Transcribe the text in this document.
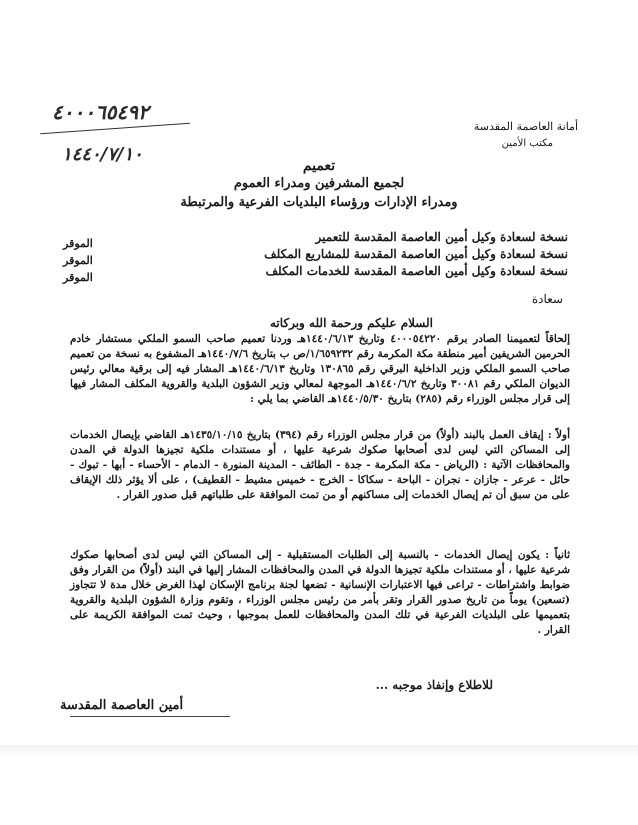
٤٠٠٠٦٥٤٩٢
١٤٤٠/٧/١٠
أمانة العاصمة المقدسة
مكتب الأمين
تعميم
لجميع المشرفين ومدراء العموم
ومدراء الإدارات ورؤساء البلديات الفرعية والمرتبطة
نسخة لسعادة وكيل أمين العاصمة المقدسة للتعمير
نسخة لسعادة وكيل أمين العاصمة المقدسة للمشاريع المكلف
نسخة لسعادة وكيل أمين العاصمة المقدسة للخدمات المكلف
الموقر
الموقر
الموقر
سعادة
السلام عليكم ورحمة الله وبركاته
إلحاقاً لتعميمنا الصادر برقم ٤٠٠٠٥٤٢٢٠ وتاريخ ١٤٤٠/٦/١٣هـ وردنا تعميم صاحب السمو الملكي مستشار خادم الحرمين الشريفين أمير منطقة مكة المكرمة رقم ١/٦٥٩٢٣٢/ص ب بتاريخ ١٤٤٠/٧/٦هـ المشفوع به نسخة من تعميم صاحب السمو الملكي وزير الداخلية البرقي رقم ١٣٠٨٦٥ وتاريخ ١٤٤٠/٦/١٣هـ المشار فيه إلى برقية معالي رئيس الديوان الملكي رقم ٣٠٠٨١ وتاريخ ١٤٤٠/٦/٢هـ الموجهة لمعالي وزير الشؤون البلدية والقروية المكلف المشار فيها إلى قرار مجلس الوزراء رقم (٢٨٥) بتاريخ ١٤٤٠/٥/٣٠هـ القاضي بما يلي :
أولاً : إيقاف العمل بالبند (أولاً) من قرار مجلس الوزراء رقم (٣٩٤) بتاريخ ١٤٣٥/١٠/١٥هـ القاضي بإيصال الخدمات إلى المساكن التي ليس لدى أصحابها صكوك شرعية عليها ، أو مستندات ملكية تجيزها الدولة في المدن والمحافظات الآتية : (الرياض - مكة المكرمة - جدة - الطائف - المدينة المنورة - الدمام - الأحساء - أبها - تبوك - حائل - عرعر - جازان - نجران - الباحة - سكاكا - الخرج - خميس مشيط - القطيف) ، على ألا يؤثر ذلك الإيقاف على من سبق أن تم إيصال الخدمات إلى مساكنهم أو من تمت الموافقة على طلباتهم قبل صدور القرار .
ثانياً : يكون إيصال الخدمات - بالنسبة إلى الطلبات المستقبلية - إلى المساكن التي ليس لدى أصحابها صكوك شرعية عليها ، أو مستندات ملكية تجيزها الدولة في المدن والمحافظات المشار إليها في البند (أولاً) من القرار وفق ضوابط واشتراطات - تراعى فيها الاعتبارات الإنسانية - تضعها لجنة برنامج الإسكان لهذا الغرض خلال مدة لا تتجاوز (تسعين) يوماً من تاريخ صدور القرار وتقر بأمر من رئيس مجلس الوزراء ، وتقوم وزارة الشؤون البلدية والقروية بتعميمها على البلديات الفرعية في تلك المدن والمحافظات للعمل بموجبها ، وحيث تمت الموافقة الكريمة على القرار .
للاطلاع وإنفاذ موجبه ...
أمين العاصمة المقدسة
